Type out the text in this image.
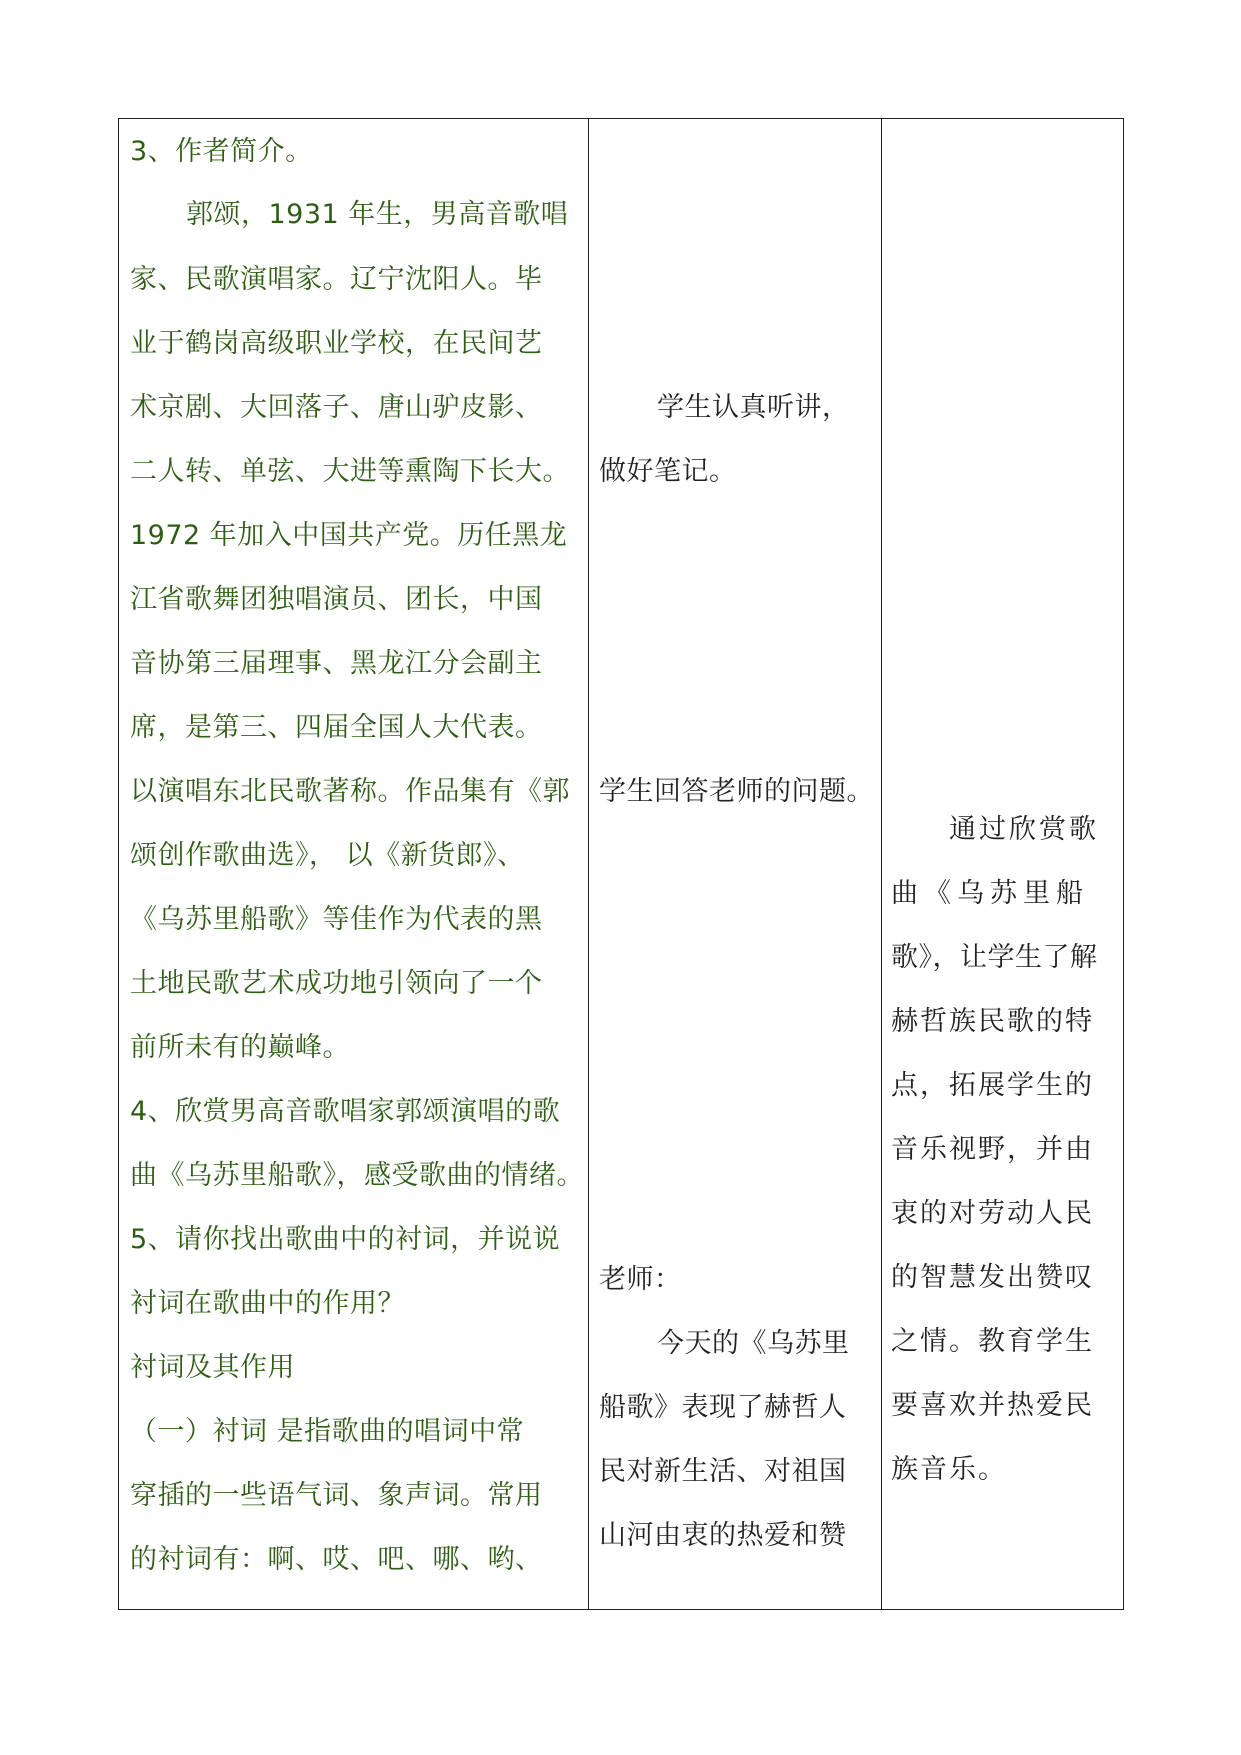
3、作者简介。
郭颂，1931 年生，男高音歌唱
家、民歌演唱家。辽宁沈阳人。毕
业于鹤岗高级职业学校，在民间艺
术京剧、大回落子、唐山驴皮影、
二人转、单弦、大进等熏陶下长大。
1972 年加入中国共产党。历任黑龙
江省歌舞团独唱演员、团长，中国
音协第三届理事、黑龙江分会副主
席，是第三、四届全国人大代表。
以演唱东北民歌著称。作品集有《郭
颂创作歌曲选》， 以《新货郎》、
《乌苏里船歌》等佳作为代表的黑
土地民歌艺术成功地引领向了一个
前所未有的巅峰。
4、欣赏男高音歌唱家郭颂演唱的歌
曲《乌苏里船歌》，感受歌曲的情绪。
5、请你找出歌曲中的衬词，并说说
衬词在歌曲中的作用？
衬词及其作用
（一）衬词 是指歌曲的唱词中常
穿插的一些语气词、象声词。常用
的衬词有：啊、哎、吧、哪、哟、
学生认真听讲，
做好笔记。
学生回答老师的问题。
老师：
今天的《乌苏里
船歌》表现了赫哲人
民对新生活、对祖国
山河由衷的热爱和赞
通过欣赏歌
曲《乌苏里船
歌》，让学生了解
赫哲族民歌的特
点，拓展学生的
音乐视野，并由
衷的对劳动人民
的智慧发出赞叹
之情。教育学生
要喜欢并热爱民
族音乐。
